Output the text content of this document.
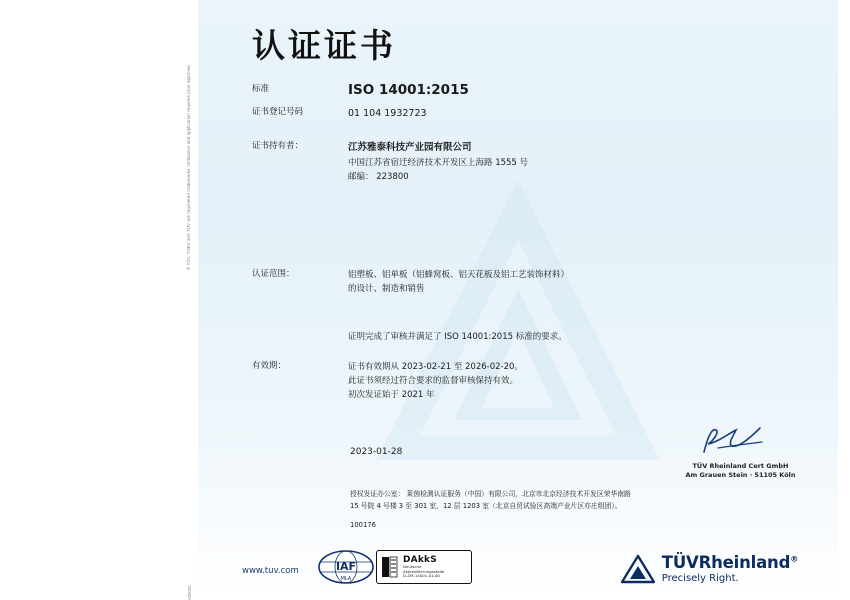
® TÜV, TUEV and TUV are registered trademarks. Utilisation and application requires prior approval.
A20022
认证证书
标准	ISO 14001:2015
证书登记号码	01 104 1932723
证书持有者：	江苏雅泰科技产业园有限公司
中国江苏省宿迁经济技术开发区上海路 1555 号
邮编： 223800
认证范围：	铝塑板、铝单板（铝蜂窝板、铝天花板及铝工艺装饰材料）
的设计、制造和销售
证明完成了审核并满足了 ISO 14001:2015 标准的要求。
有效期：	证书有效期从 2023-02-21 至 2026-02-20。
此证书须经过符合要求的监督审核保持有效。
初次发证始于 2021 年
2023-01-28
TÜV Rheinland Cert GmbH
Am Grauen Stein · 51105 Köln
授权发证办公室： 莱茵检测认证服务（中国）有限公司，北京市北京经济技术开发区荣华南路
15 号院 4 号楼 3 至 301 室，12 层 1203 室（北京自贸试验区高端产业片区亦庄组团）。
100176
www.tuv.com	IAF
MLA
DAkkS
Deutsche
Akkreditierungsstelle
D-ZM-14001-01-00
TÜVRheinland®
Precisely Right.
